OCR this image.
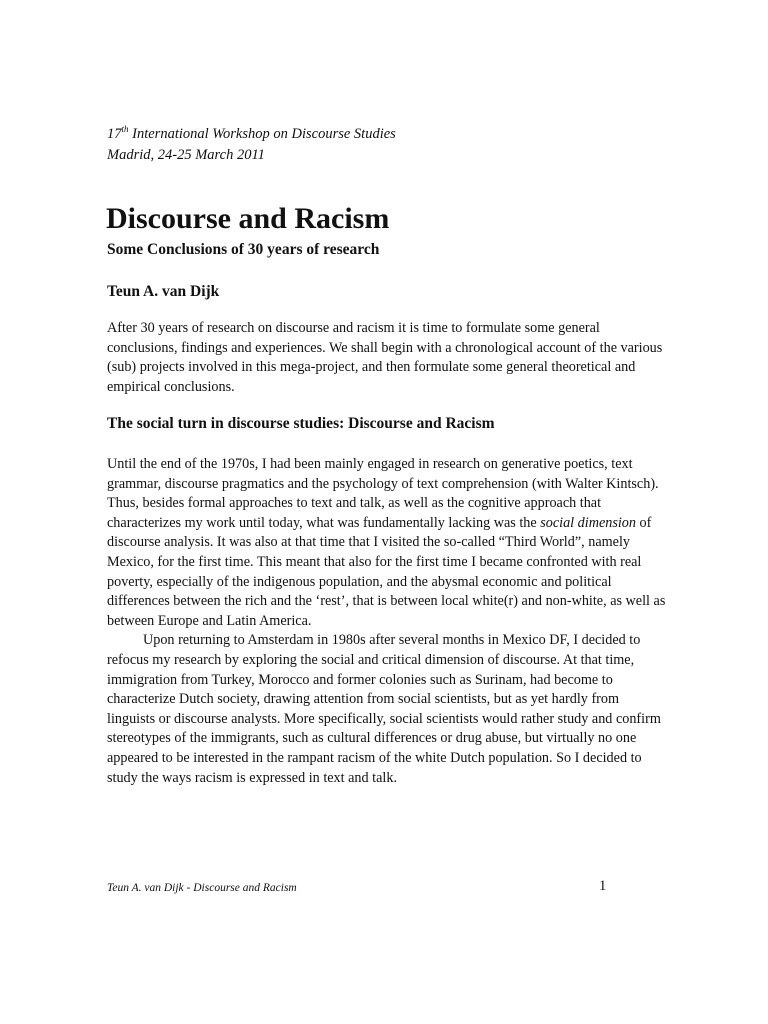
17th International Workshop on Discourse Studies
Madrid, 24-25 March 2011
Discourse and Racism
Some Conclusions of 30 years of research
Teun A. van Dijk

After 30 years of research on discourse and racism it is time to formulate some general conclusions, findings and experiences. We shall begin with a chronological account of the various (sub) projects involved in this mega-project, and then formulate some general theoretical and empirical conclusions.

The social turn in discourse studies: Discourse and Racism

Until the end of the 1970s, I had been mainly engaged in research on generative poetics, text grammar, discourse pragmatics and the psychology of text comprehension (with Walter Kintsch). Thus, besides formal approaches to text and talk, as well as the cognitive approach that characterizes my work until today, what was fundamentally lacking was the social dimension of discourse analysis. It was also at that time that I visited the so-called “Third World”, namely Mexico, for the first time. This meant that also for the first time I became confronted with real poverty, especially of the indigenous population, and the abysmal economic and political differences between the rich and the ‘rest’, that is between local white(r) and non-white, as well as between Europe and Latin America.

Upon returning to Amsterdam in 1980s after several months in Mexico DF, I decided to refocus my research by exploring the social and critical dimension of discourse. At that time, immigration from Turkey, Morocco and former colonies such as Surinam, had become to characterize Dutch society, drawing attention from social scientists, but as yet hardly from linguists or discourse analysts. More specifically, social scientists would rather study and confirm stereotypes of the immigrants, such as cultural differences or drug abuse, but virtually no one appeared to be interested in the rampant racism of the white Dutch population. So I decided to study the ways racism is expressed in text and talk.

Teun A. van Dijk - Discourse and Racism	1
